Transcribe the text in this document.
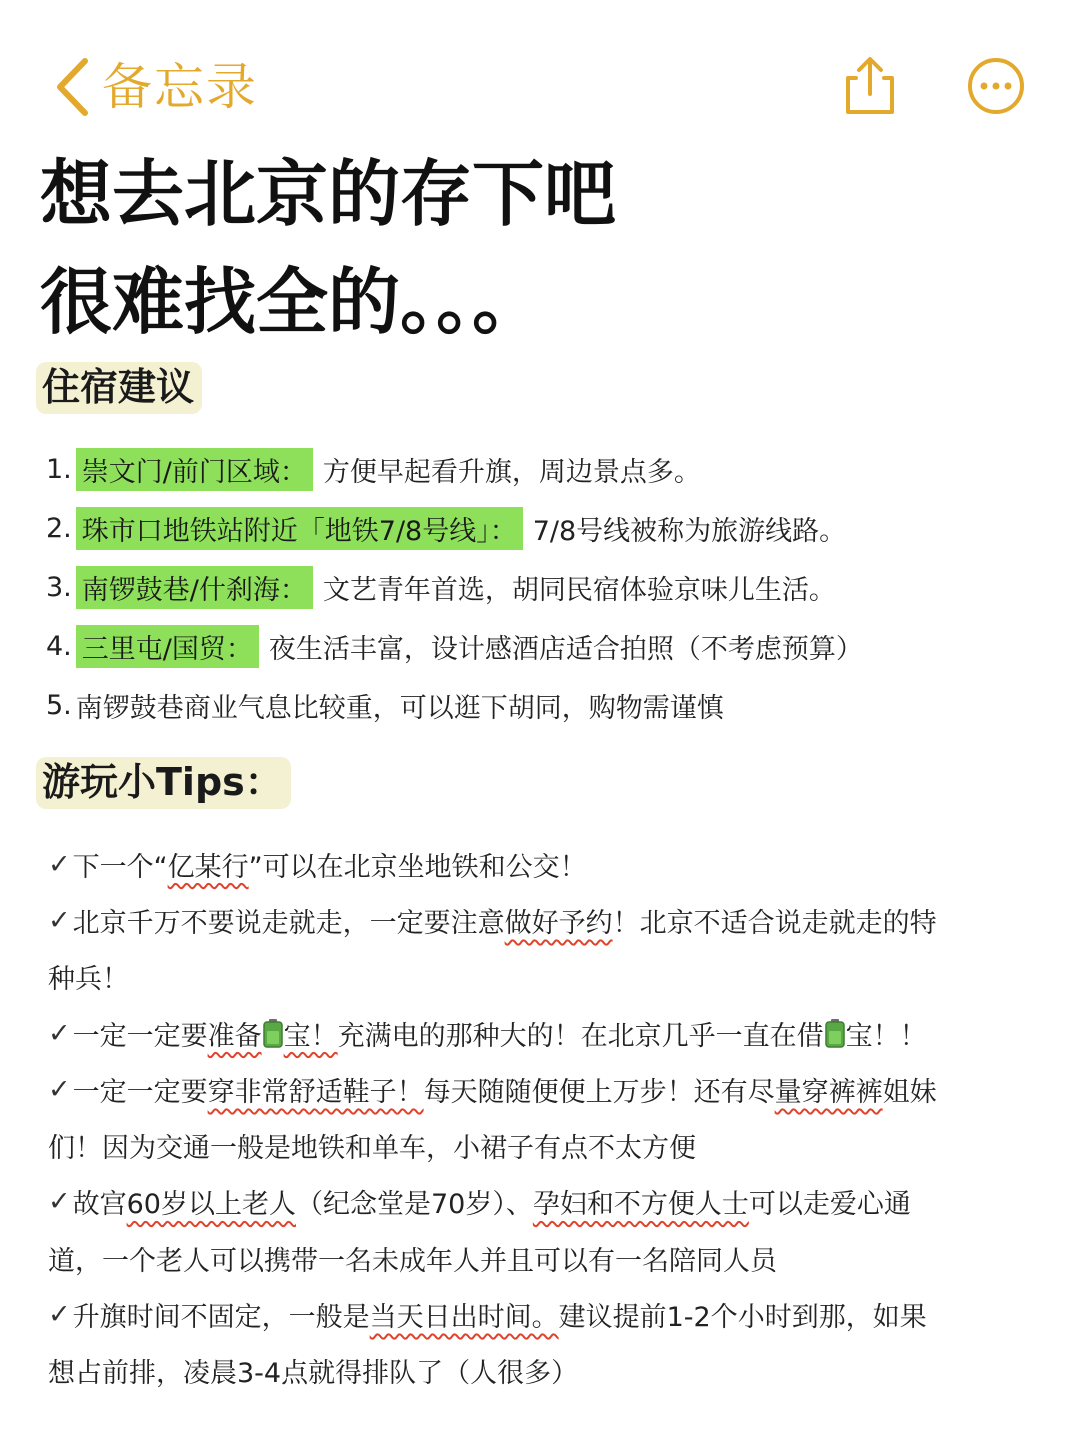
备忘录
想去北京的存下吧
很难找全的。。。
住宿建议
1. 崇文门/前门区域： 方便早起看升旗，周边景点多。
2. 珠市口地铁站附近「地铁7/8号线」： 7/8号线被称为旅游线路。
3. 南锣鼓巷/什刹海： 文艺青年首选，胡同民宿体验京味儿生活。
4. 三里屯/国贸： 夜生活丰富，设计感酒店适合拍照（不考虑预算）
5. 南锣鼓巷商业气息比较重，可以逛下胡同，购物需谨慎
游玩小Tips：
✓ 下一个“ 亿某行 ”可以在北京坐地铁和公交！
✓ 北京千万不要说走就走，一定要注意 做好予约 ！北京不适合说走就走的特
种兵！
✓ 一定一定要 准备 宝！ 充满电的那种大的！在北京几乎一直在借 宝！！
✓ 一定一定要 穿非常舒适鞋子！ 每天随随便便上万步！还有尽 量穿裤裤 姐妹
们！因为交通一般是地铁和单车，小裙子有点不太方便
✓ 故宫 60岁以上老人 （纪念堂是70岁）、 孕妇和不方便人士 可以走爱心通
道，一个老人可以携带一名未成年人并且可以有一名陪同人员
✓ 升旗时间不固定，一般是 当天日出时间。 建议提前1-2个小时到那，如果
想占前排，凌晨3-4点就得排队了（人很多）
